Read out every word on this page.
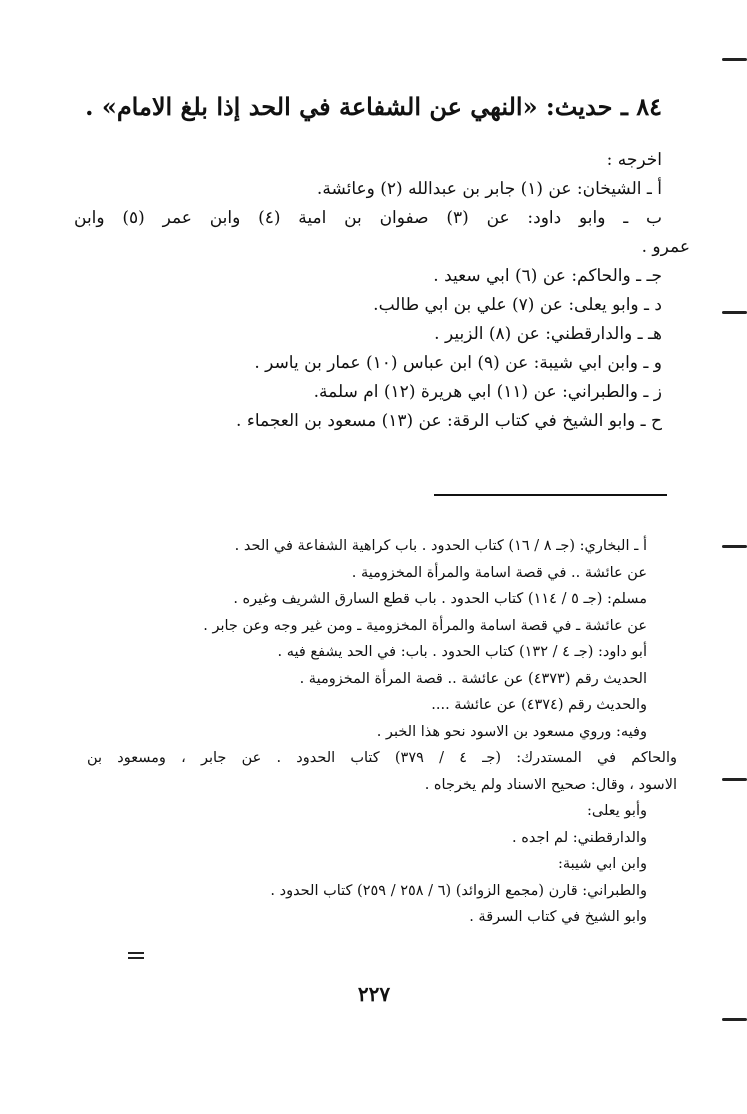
٨٤ ـ حديث: «النهي عن الشفاعة في الحد إذا بلغ الامام» .
اخرجه :
أ ـ الشيخان: عن (١) جابر بن عبدالله (٢) وعائشة.
ب ـ وابو داود: عن (٣) صفوان بن امية (٤) وابن عمر (٥) وابن
عمرو .
جـ ـ والحاكم: عن (٦) ابي سعيد .
د ـ وابو يعلى: عن (٧) علي بن ابي طالب.
هـ ـ والدارقطني: عن (٨) الزبير .
و ـ وابن ابي شيبة: عن (٩) ابن عباس (١٠) عمار بن ياسر .
ز ـ والطبراني: عن (١١) ابي هريرة (١٢) ام سلمة.
ح ـ وابو الشيخ في كتاب الرقة: عن (١٣) مسعود بن العجماء .
أ ـ البخاري: (جـ ٨ / ١٦) كتاب الحدود . باب كراهية الشفاعة في الحد .
عن عائشة .. في قصة اسامة والمرأة المخزومية .
مسلم: (جـ ٥ / ١١٤) كتاب الحدود . باب قطع السارق الشريف وغيره .
عن عائشة ـ في قصة اسامة والمرأة المخزومية ـ ومن غير وجه وعن جابر .
أبو داود: (جـ ٤ / ١٣٢) كتاب الحدود . باب: في الحد يشفع فيه .
الحديث رقم (٤٣٧٣) عن عائشة .. قصة المرأة المخزومية .
والحديث رقم (٤٣٧٤) عن عائشة ....
وفيه: وروي مسعود بن الاسود نحو هذا الخبر .
والحاكم في المستدرك: (جـ ٤ / ٣٧٩) كتاب الحدود . عن جابر ، ومسعود بن
الاسود ، وقال: صحيح الاسناد ولم يخرجاه .
وأبو يعلى:
والدارقطني: لم اجده .
وابن ابي شيبة:
والطبراني: قارن (مجمع الزوائد) (٦ / ٢٥٨ / ٢٥٩) كتاب الحدود .
وابو الشيخ في كتاب السرقة .
٢٢٧
